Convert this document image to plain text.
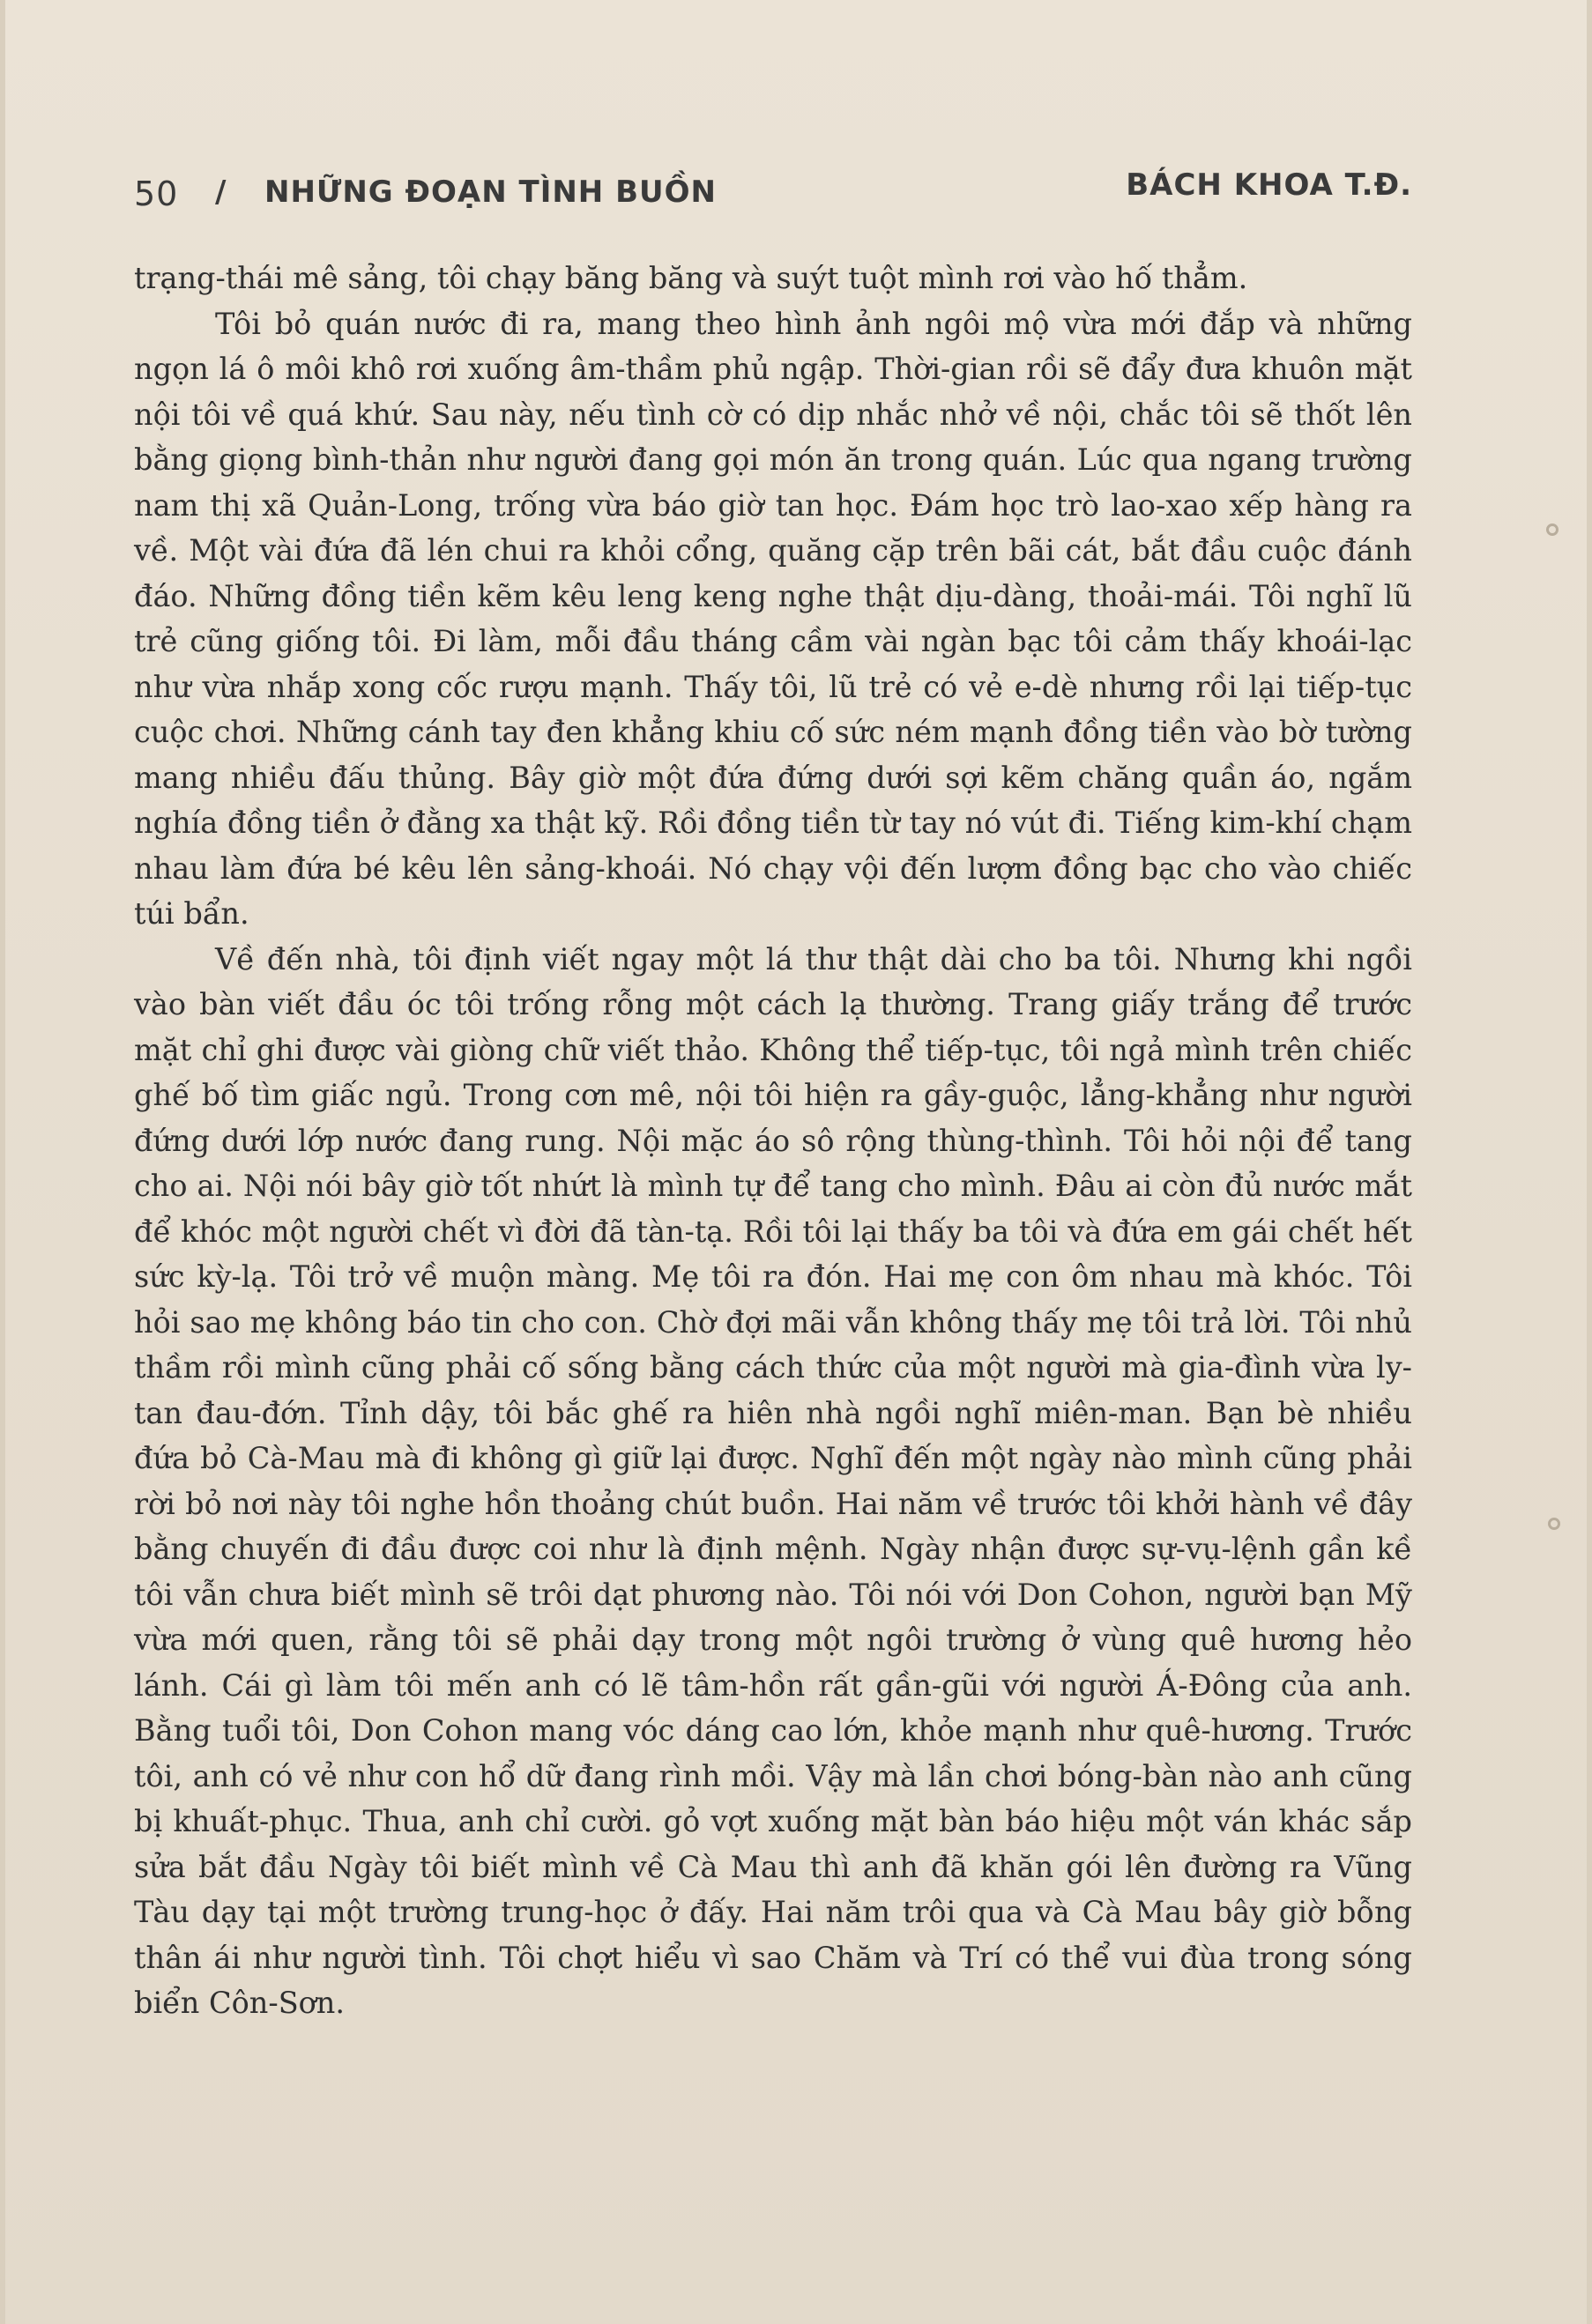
50 / NHỮNG ĐOẠN TÌNH BUỒN	BÁCH KHOA T.Đ.

trạng-thái mê sảng, tôi chạy băng băng và suýt tuột mình rơi vào hố thẳm.

Tôi bỏ quán nước đi ra, mang theo hình ảnh ngôi mộ vừa mới đắp và những ngọn lá ô môi khô rơi xuống âm-thầm phủ ngập. Thời-gian rồi sẽ đẩy đưa khuôn mặt nội tôi về quá khứ. Sau này, nếu tình cờ có dịp nhắc nhở về nội, chắc tôi sẽ thốt lên bằng giọng bình-thản như người đang gọi món ăn trong quán. Lúc qua ngang trường nam thị xã Quản-Long, trống vừa báo giờ tan học. Đám học trò lao-xao xếp hàng ra về. Một vài đứa đã lén chui ra khỏi cổng, quăng cặp trên bãi cát, bắt đầu cuộc đánh đáo. Những đồng tiền kẽm kêu leng keng nghe thật dịu-dàng, thoải-mái. Tôi nghĩ lũ trẻ cũng giống tôi. Đi làm, mỗi đầu tháng cầm vài ngàn bạc tôi cảm thấy khoái-lạc như vừa nhắp xong cốc rượu mạnh. Thấy tôi, lũ trẻ có vẻ e-dè nhưng rồi lại tiếp-tục cuộc chơi. Những cánh tay đen khẳng khiu cố sức ném mạnh đồng tiền vào bờ tường mang nhiều đấu thủng. Bây giờ một đứa đứng dưới sợi kẽm chăng quần áo, ngắm nghía đồng tiền ở đằng xa thật kỹ. Rồi đồng tiền từ tay nó vút đi. Tiếng kim-khí chạm nhau làm đứa bé kêu lên sảng-khoái. Nó chạy vội đến lượm đồng bạc cho vào chiếc túi bẩn.

Về đến nhà, tôi định viết ngay một lá thư thật dài cho ba tôi. Nhưng khi ngồi vào bàn viết đầu óc tôi trống rỗng một cách lạ thường. Trang giấy trắng để trước mặt chỉ ghi được vài giòng chữ viết thảo. Không thể tiếp-tục, tôi ngả mình trên chiếc ghế bố tìm giấc ngủ. Trong cơn mê, nội tôi hiện ra gầy-guộc, lẳng-khẳng như người đứng dưới lớp nước đang rung. Nội mặc áo sô rộng thùng-thình. Tôi hỏi nội để tang cho ai. Nội nói bây giờ tốt nhứt là mình tự để tang cho mình. Đâu ai còn đủ nước mắt để khóc một người chết vì đời đã tàn-tạ. Rồi tôi lại thấy ba tôi và đứa em gái chết hết sức kỳ-lạ. Tôi trở về muộn màng. Mẹ tôi ra đón. Hai mẹ con ôm nhau mà khóc. Tôi hỏi sao mẹ không báo tin cho con. Chờ đợi mãi vẫn không thấy mẹ tôi trả lời. Tôi nhủ thầm rồi mình cũng phải cố sống bằng cách thức của một người mà gia-đình vừa ly-tan đau-đớn. Tỉnh dậy, tôi bắc ghế ra hiên nhà ngồi nghĩ miên-man. Bạn bè nhiều đứa bỏ Cà-Mau mà đi không gì giữ lại được. Nghĩ đến một ngày nào mình cũng phải rời bỏ nơi này tôi nghe hồn thoảng chút buồn. Hai năm về trước tôi khởi hành về đây bằng chuyến đi đầu được coi như là định mệnh. Ngày nhận được sự-vụ-lệnh gần kề tôi vẫn chưa biết mình sẽ trôi dạt phương nào. Tôi nói với Don Cohon, người bạn Mỹ vừa mới quen, rằng tôi sẽ phải dạy trong một ngôi trường ở vùng quê hương hẻo lánh. Cái gì làm tôi mến anh có lẽ tâm-hồn rất gần-gũi với người Á-Đông của anh. Bằng tuổi tôi, Don Cohon mang vóc dáng cao lớn, khỏe mạnh như quê-hương. Trước tôi, anh có vẻ như con hổ dữ đang rình mồi. Vậy mà lần chơi bóng-bàn nào anh cũng bị khuất-phục. Thua, anh chỉ cười. gỏ vợt xuống mặt bàn báo hiệu một ván khác sắp sửa bắt đầu Ngày tôi biết mình về Cà Mau thì anh đã khăn gói lên đường ra Vũng Tàu dạy tại một trường trung-học ở đấy. Hai năm trôi qua và Cà Mau bây giờ bỗng thân ái như người tình. Tôi chợt hiểu vì sao Chăm và Trí có thể vui đùa trong sóng biển Côn-Sơn.
